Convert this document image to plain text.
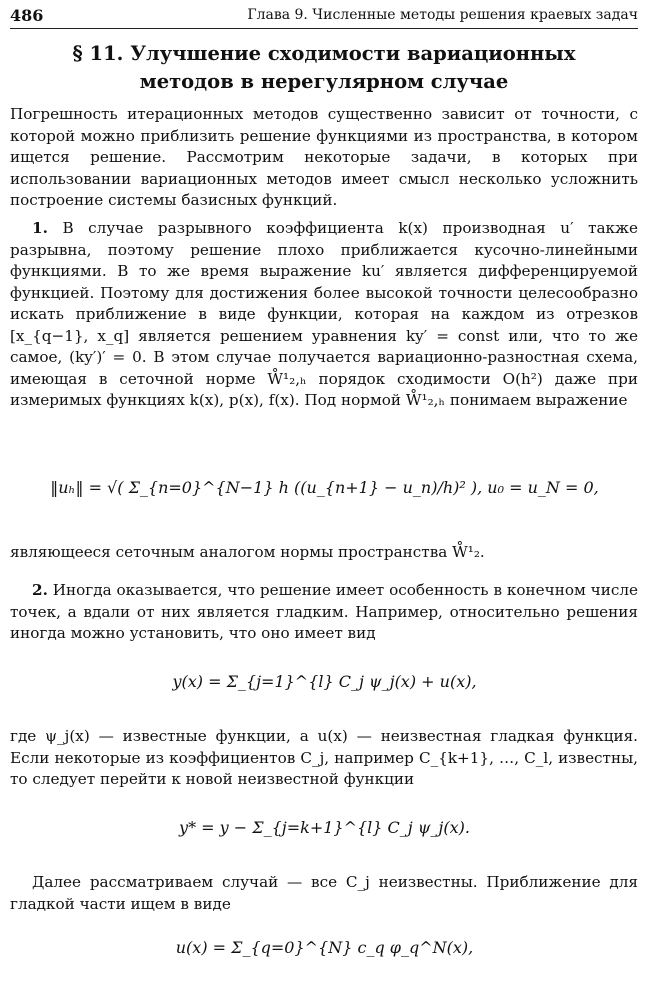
486	Глава 9. Численные методы решения краевых задач
§ 11. Улучшение сходимости вариационных
методов в нерегулярном случае

Погрешность итерационных методов существенно зависит от точности, с которой можно приблизить решение функциями из пространства, в котором ищется решение. Рассмотрим некоторые задачи, в которых при использовании вариационных методов имеет смысл несколько усложнить построение системы базисных функций.

1. В случае разрывного коэффициента k(x) производная u′ также разрывна, поэтому решение плохо приближается кусочно-линейными функциями. В то же время выражение ku′ является дифференцируемой функцией. Поэтому для достижения более высокой точности целесообразно искать приближение в виде функции, которая на каждом из отрезков [x_{q−1}, x_q] является решением уравнения ky′ = const или, что то же самое, (ky′)′ = 0. В этом случае получается вариационно-разностная схема, имеющая в сеточной норме W̊¹₂,ₕ порядок сходимости O(h²) даже при измеримых функциях k(x), p(x), f(x). Под нормой W̊¹₂,ₕ понимаем выражение

‖uₕ‖ = √( Σ_{n=0}^{N−1} h ((u_{n+1} − u_n)/h)² ), u₀ = u_N = 0,

являющееся сеточным аналогом нормы пространства W̊¹₂.

2. Иногда оказывается, что решение имеет особенность в конечном числе точек, а вдали от них является гладким. Например, относительно решения иногда можно установить, что оно имеет вид

y(x) = Σ_{j=1}^{l} C_j ψ_j(x) + u(x),

где ψ_j(x) — известные функции, а u(x) — неизвестная гладкая функция. Если некоторые из коэффициентов C_j, например C_{k+1}, …, C_l, известны, то следует перейти к новой неизвестной функции

y* = y − Σ_{j=k+1}^{l} C_j ψ_j(x).

Далее рассматриваем случай — все C_j неизвестны. Приближение для гладкой части ищем в виде

u(x) = Σ_{q=0}^{N} c_q φ_q^N(x),
